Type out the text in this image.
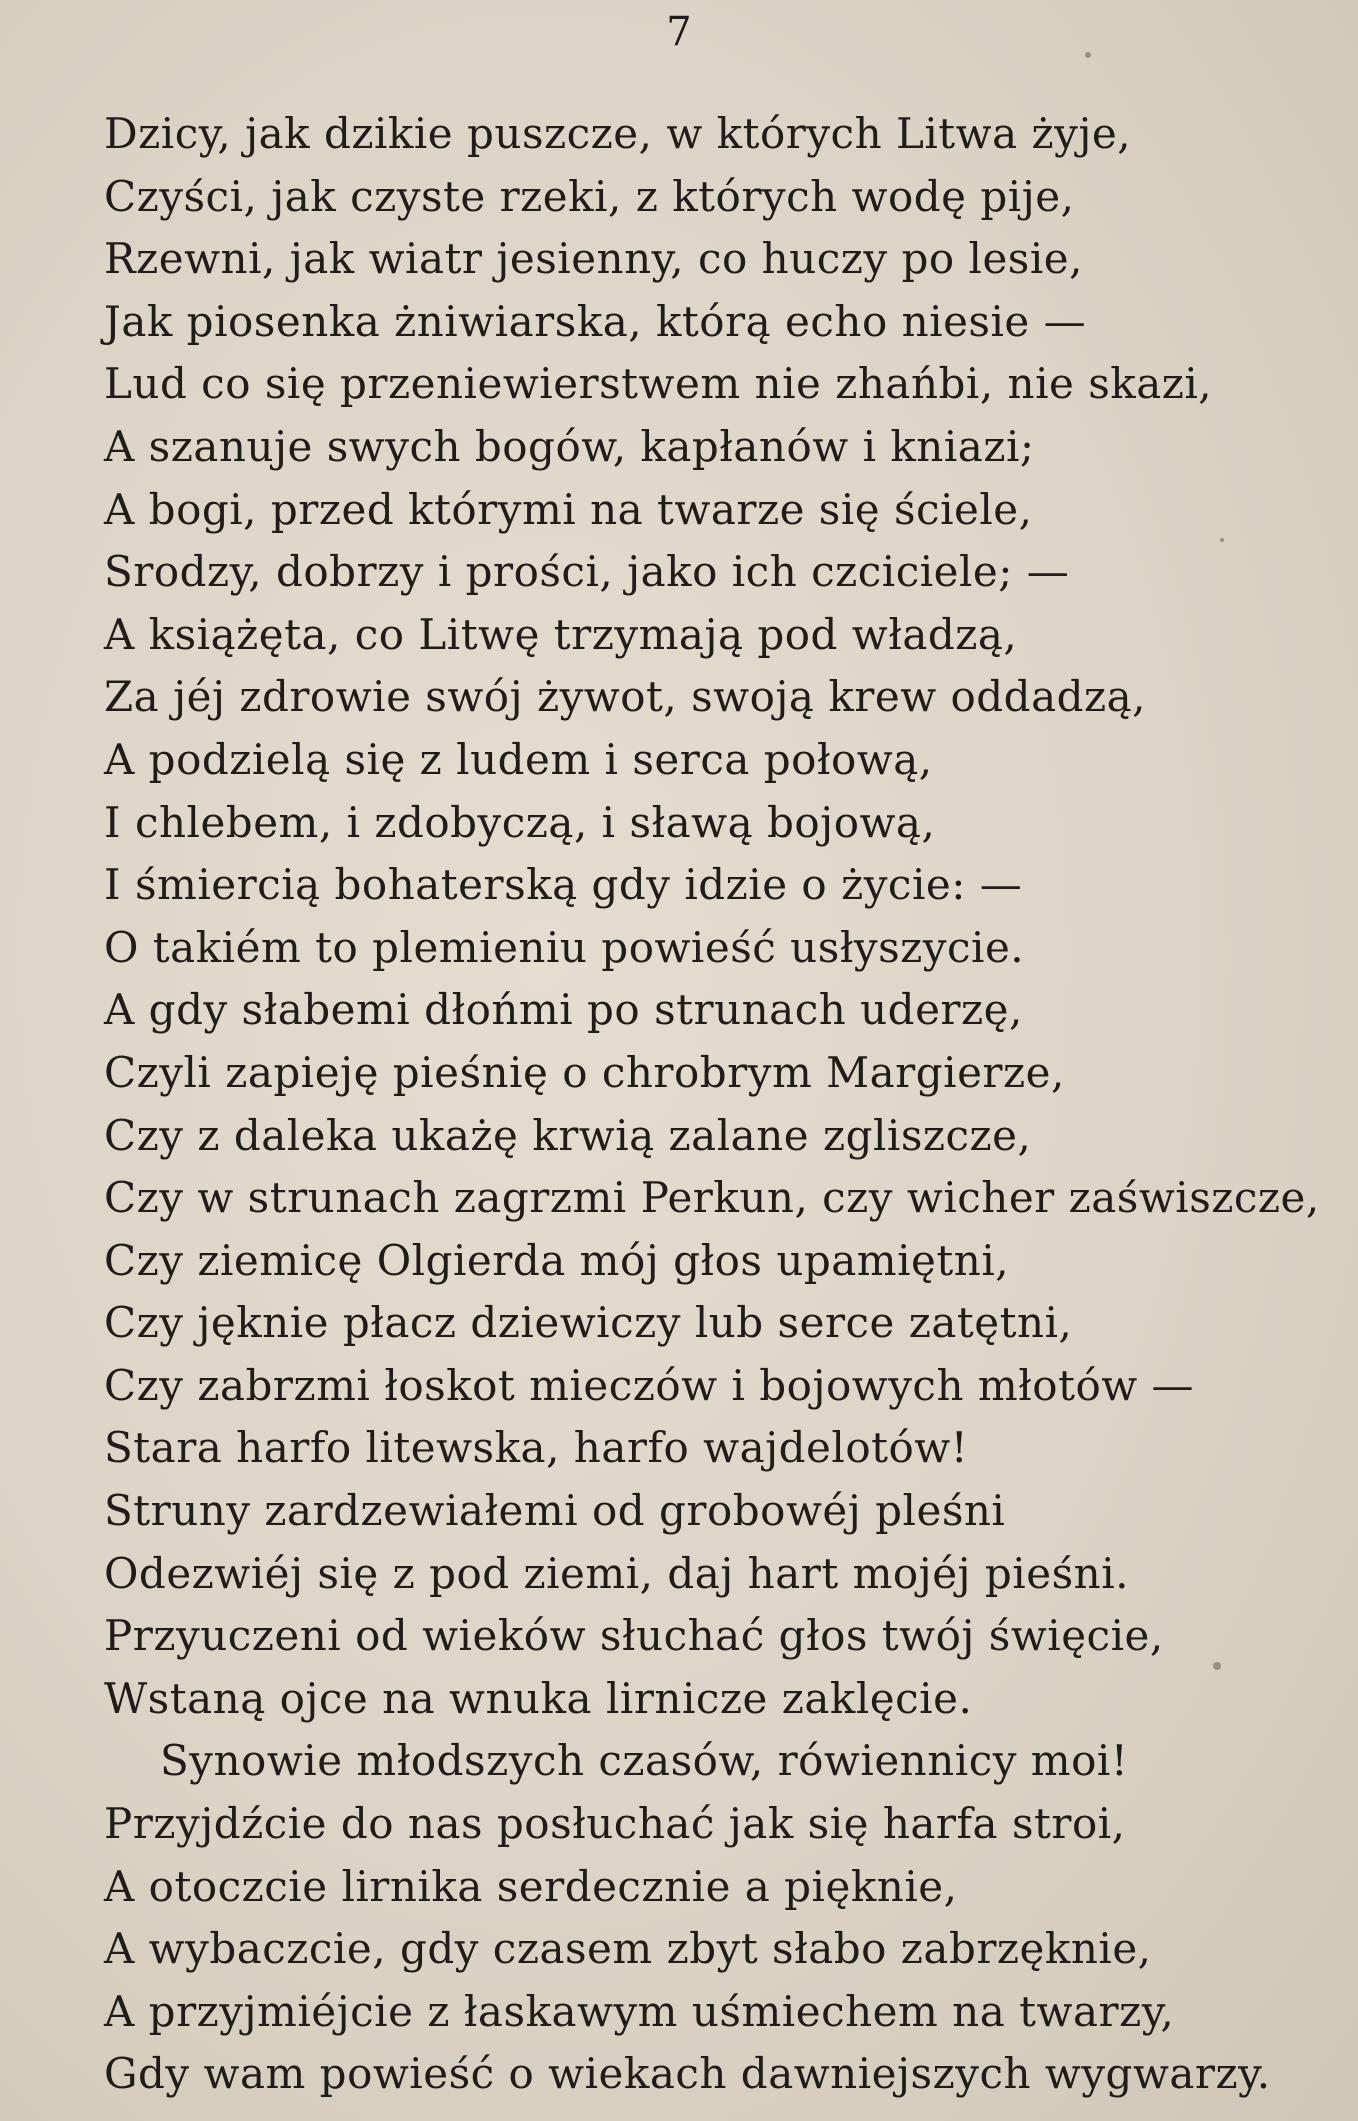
7
Dzicy, jak dzikie puszcze, w których Litwa żyje,
Czyści, jak czyste rzeki, z których wodę pije,
Rzewni, jak wiatr jesienny, co huczy po lesie,
Jak piosenka żniwiarska, którą echo niesie —
Lud co się przeniewierstwem nie zhańbi, nie skazi,
A szanuje swych bogów, kapłanów i kniazi;
A bogi, przed którymi na twarze się ściele,
Srodzy, dobrzy i prości, jako ich czciciele; —
A książęta, co Litwę trzymają pod władzą,
Za jéj zdrowie swój żywot, swoją krew oddadzą,
A podzielą się z ludem i serca połową,
I chlebem, i zdobyczą, i sławą bojową,
I śmiercią bohaterską gdy idzie o życie: —
O takiém to plemieniu powieść usłyszycie.
A gdy słabemi dłońmi po strunach uderzę,
Czyli zapieję pieśnię o chrobrym Margierze,
Czy z daleka ukażę krwią zalane zgliszcze,
Czy w strunach zagrzmi Perkun, czy wicher zaświszcze,
Czy ziemicę Olgierda mój głos upamiętni,
Czy jęknie płacz dziewiczy lub serce zatętni,
Czy zabrzmi łoskot mieczów i bojowych młotów —
Stara harfo litewska, harfo wajdelotów!
Struny zardzewiałemi od grobowéj pleśni
Odezwiéj się z pod ziemi, daj hart mojéj pieśni.
Przyuczeni od wieków słuchać głos twój święcie,
Wstaną ojce na wnuka lirnicze zaklęcie.
Synowie młodszych czasów, rówiennicy moi!
Przyjdźcie do nas posłuchać jak się harfa stroi,
A otoczcie lirnika serdecznie a pięknie,
A wybaczcie, gdy czasem zbyt słabo zabrzęknie,
A przyjmiéjcie z łaskawym uśmiechem na twarzy,
Gdy wam powieść o wiekach dawniejszych wygwarzy.
